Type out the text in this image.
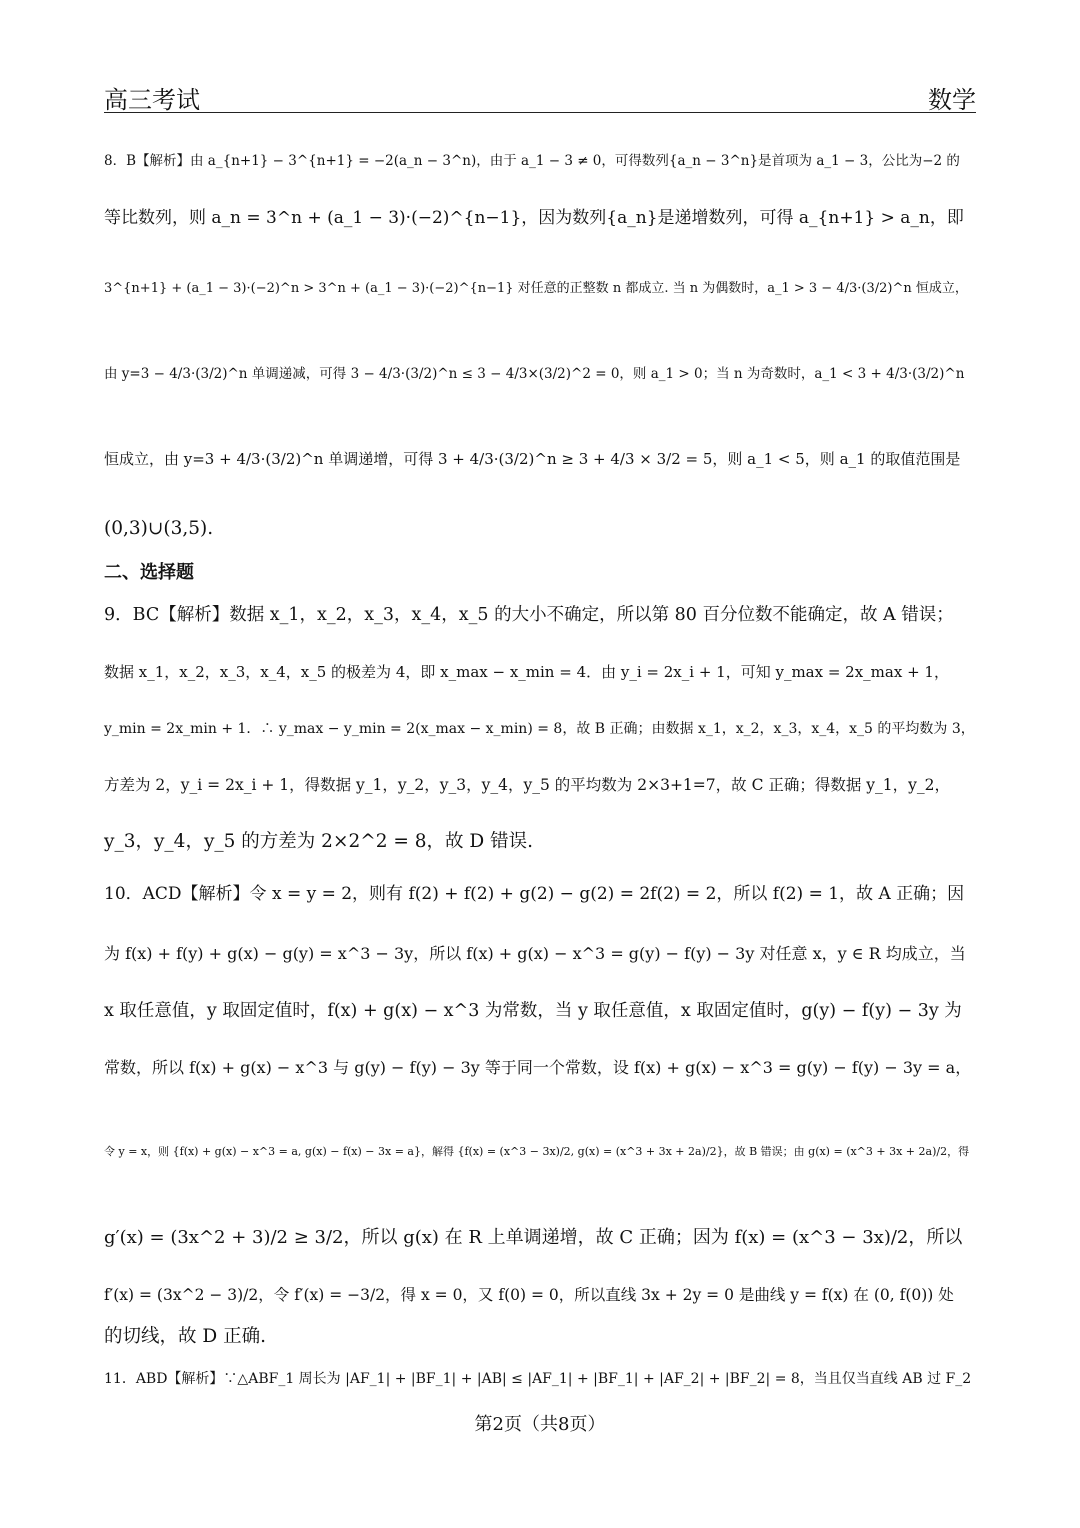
高三考试	数学
8．B【解析】由 a_{n+1} − 3^{n+1} = −2(a_n − 3^n)，由于 a_1 − 3 ≠ 0，可得数列{a_n − 3^n}是首项为 a_1 − 3，公比为−2 的
等比数列，则 a_n = 3^n + (a_1 − 3)·(−2)^{n−1}，因为数列{a_n}是递增数列，可得 a_{n+1} > a_n，即
3^{n+1} + (a_1 − 3)·(−2)^n > 3^n + (a_1 − 3)·(−2)^{n−1} 对任意的正整数 n 都成立. 当 n 为偶数时，a_1 > 3 − 4/3·(3/2)^n 恒成立，
由 y=3 − 4/3·(3/2)^n 单调递减，可得 3 − 4/3·(3/2)^n ≤ 3 − 4/3×(3/2)^2 = 0，则 a_1 > 0；当 n 为奇数时，a_1 < 3 + 4/3·(3/2)^n
恒成立，由 y=3 + 4/3·(3/2)^n 单调递增，可得 3 + 4/3·(3/2)^n ≥ 3 + 4/3 × 3/2 = 5，则 a_1 < 5，则 a_1 的取值范围是
(0,3)∪(3,5).
二、选择题
9．BC【解析】数据 x_1，x_2，x_3，x_4，x_5 的大小不确定，所以第 80 百分位数不能确定，故 A 错误；
数据 x_1，x_2，x_3，x_4，x_5 的极差为 4，即 x_max − x_min = 4．由 y_i = 2x_i + 1，可知 y_max = 2x_max + 1，
y_min = 2x_min + 1．∴ y_max − y_min = 2(x_max − x_min) = 8，故 B 正确；由数据 x_1，x_2，x_3，x_4，x_5 的平均数为 3，
方差为 2，y_i = 2x_i + 1，得数据 y_1，y_2，y_3，y_4，y_5 的平均数为 2×3+1=7，故 C 正确；得数据 y_1，y_2，
y_3，y_4，y_5 的方差为 2×2^2 = 8，故 D 错误.
10．ACD【解析】令 x = y = 2，则有 f(2) + f(2) + g(2) − g(2) = 2f(2) = 2，所以 f(2) = 1，故 A 正确；因
为 f(x) + f(y) + g(x) − g(y) = x^3 − 3y，所以 f(x) + g(x) − x^3 = g(y) − f(y) − 3y 对任意 x，y ∈ R 均成立，当
x 取任意值，y 取固定值时，f(x) + g(x) − x^3 为常数，当 y 取任意值，x 取固定值时，g(y) − f(y) − 3y 为
常数，所以 f(x) + g(x) − x^3 与 g(y) − f(y) − 3y 等于同一个常数，设 f(x) + g(x) − x^3 = g(y) − f(y) − 3y = a，
令 y = x，则 {f(x) + g(x) − x^3 = a, g(x) − f(x) − 3x = a}，解得 {f(x) = (x^3 − 3x)/2, g(x) = (x^3 + 3x + 2a)/2}，故 B 错误；由 g(x) = (x^3 + 3x + 2a)/2，得
g′(x) = (3x^2 + 3)/2 ≥ 3/2，所以 g(x) 在 R 上单调递增，故 C 正确；因为 f(x) = (x^3 − 3x)/2，所以
f′(x) = (3x^2 − 3)/2，令 f′(x) = −3/2，得 x = 0，又 f(0) = 0，所以直线 3x + 2y = 0 是曲线 y = f(x) 在 (0, f(0)) 处
的切线，故 D 正确.
11．ABD【解析】∵△ABF_1 周长为 |AF_1| + |BF_1| + |AB| ≤ |AF_1| + |BF_1| + |AF_2| + |BF_2| = 8，当且仅当直线 AB 过 F_2
第2页（共8页）
